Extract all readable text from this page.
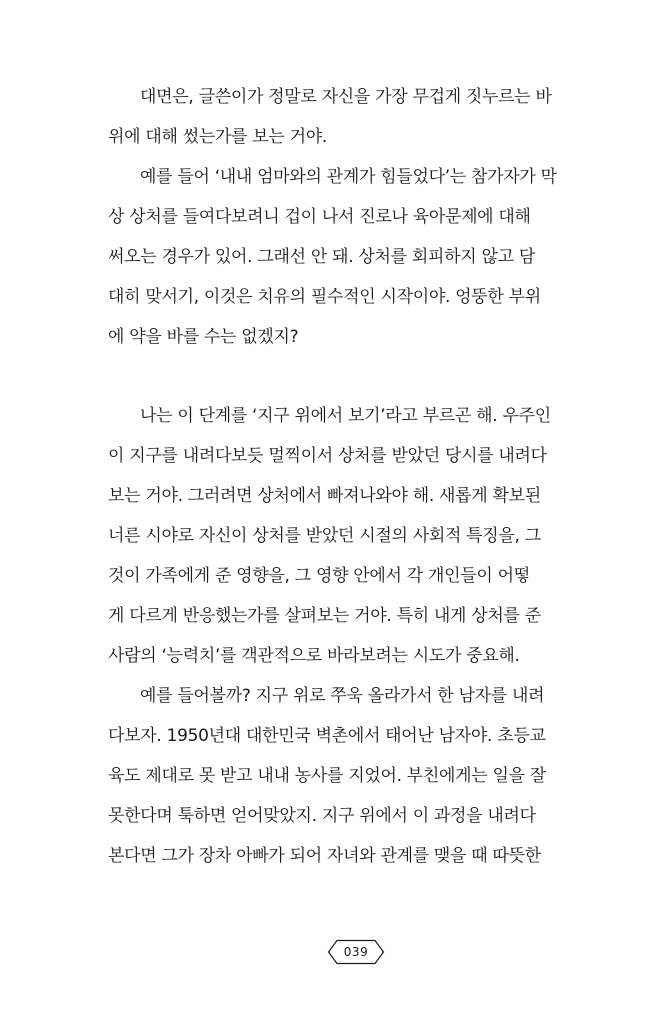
대면은, 글쓴이가 정말로 자신을 가장 무겁게 짓누르는 바
위에 대해 썼는가를 보는 거야.
예를 들어 ‘내내 엄마와의 관계가 힘들었다’는 참가자가 막
상 상처를 들여다보려니 겁이 나서 진로나 육아문제에 대해
써오는 경우가 있어. 그래선 안 돼. 상처를 회피하지 않고 담
대히 맞서기, 이것은 치유의 필수적인 시작이야. 엉뚱한 부위
에 약을 바를 수는 없겠지?
나는 이 단계를 ‘지구 위에서 보기’라고 부르곤 해. 우주인
이 지구를 내려다보듯 멀찍이서 상처를 받았던 당시를 내려다
보는 거야. 그러려면 상처에서 빠져나와야 해. 새롭게 확보된
너른 시야로 자신이 상처를 받았던 시절의 사회적 특징을, 그
것이 가족에게 준 영향을, 그 영향 안에서 각 개인들이 어떻
게 다르게 반응했는가를 살펴보는 거야. 특히 내게 상처를 준
사람의 ‘능력치’를 객관적으로 바라보려는 시도가 중요해.
예를 들어볼까? 지구 위로 쭈욱 올라가서 한 남자를 내려
다보자. 1950년대 대한민국 벽촌에서 태어난 남자야. 초등교
육도 제대로 못 받고 내내 농사를 지었어. 부친에게는 일을 잘
못한다며 툭하면 얻어맞았지. 지구 위에서 이 과정을 내려다
본다면 그가 장차 아빠가 되어 자녀와 관계를 맺을 때 따뜻한
039
